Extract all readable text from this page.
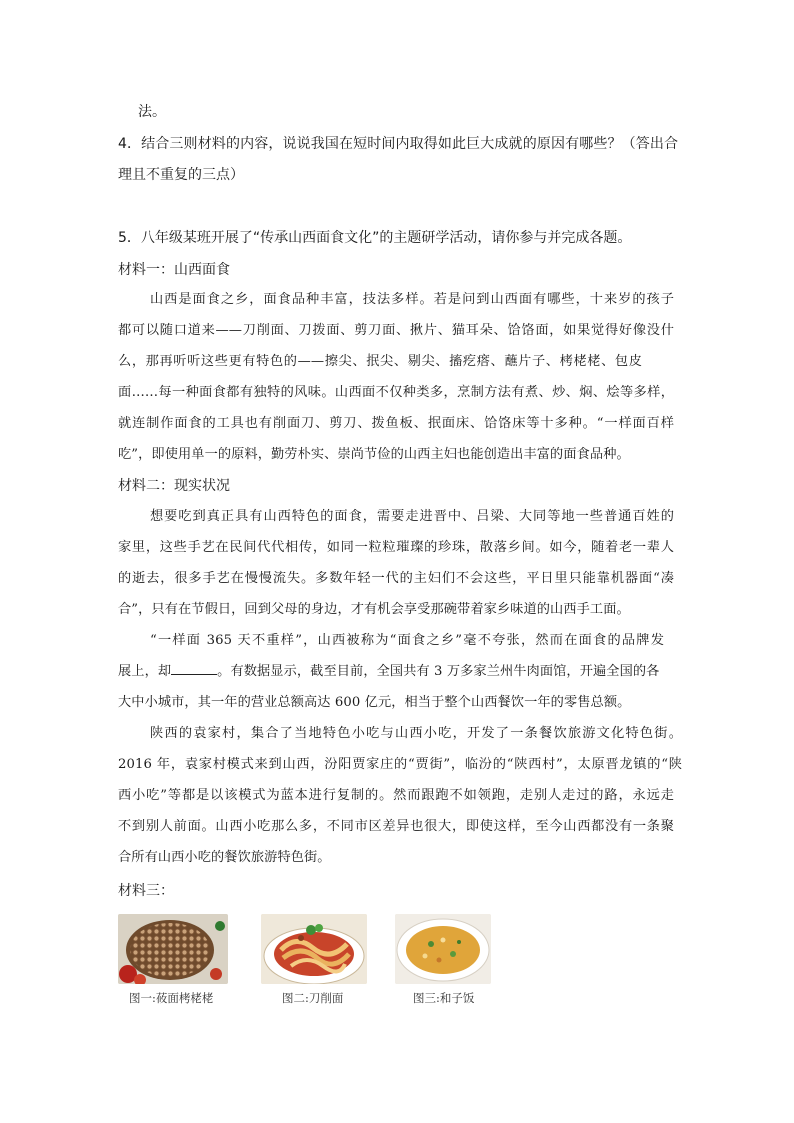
法。
4．结合三则材料的内容，说说我国在短时间内取得如此巨大成就的原因有哪些？（答出合
理且不重复的三点）
5．八年级某班开展了“传承山西面食文化”的主题研学活动，请你参与并完成各题。
材料一：山西面食
山西是面食之乡，面食品种丰富，技法多样。若是问到山西面有哪些，十来岁的孩子
都可以随口道来——刀削面、刀拨面、剪刀面、揪片、猫耳朵、饸饹面，如果觉得好像没什
么，那再听听这些更有特色的——擦尖、抿尖、剔尖、搐疙瘩、蘸片子、栲栳栳、包皮
面……每一种面食都有独特的风味。山西面不仅种类多，烹制方法有煮、炒、焖、烩等多样，
就连制作面食的工具也有削面刀、剪刀、拨鱼板、抿面床、饸饹床等十多种。“一样面百样
吃”，即使用单一的原料，勤劳朴实、崇尚节俭的山西主妇也能创造出丰富的面食品种。
材料二：现实状况
想要吃到真正具有山西特色的面食，需要走进晋中、吕梁、大同等地一些普通百姓的
家里，这些手艺在民间代代相传，如同一粒粒璀璨的珍珠，散落乡间。如今，随着老一辈人
的逝去，很多手艺在慢慢流失。多数年轻一代的主妇们不会这些，平日里只能靠机器面“凑
合”，只有在节假日，回到父母的身边，才有机会享受那碗带着家乡味道的山西手工面。
“一样面 365 天不重样”，山西被称为“面食之乡”毫不夸张，然而在面食的品牌发
展上，却	。有数据显示，截至目前，全国共有 3 万多家兰州牛肉面馆，开遍全国的各
大中小城市，其一年的营业总额高达 600 亿元，相当于整个山西餐饮一年的零售总额。
陕西的袁家村，集合了当地特色小吃与山西小吃，开发了一条餐饮旅游文化特色街。
2016 年，袁家村模式来到山西，汾阳贾家庄的“贾街”，临汾的“陕西村”，太原晋龙镇的“陕
西小吃”等都是以该模式为蓝本进行复制的。然而跟跑不如领跑，走别人走过的路，永远走
不到别人前面。山西小吃那么多，不同市区差异也很大，即使这样，至今山西都没有一条聚
合所有山西小吃的餐饮旅游特色街。
材料三：
图一:莜面栲栳栳	图二:刀削面	图三:和子饭
